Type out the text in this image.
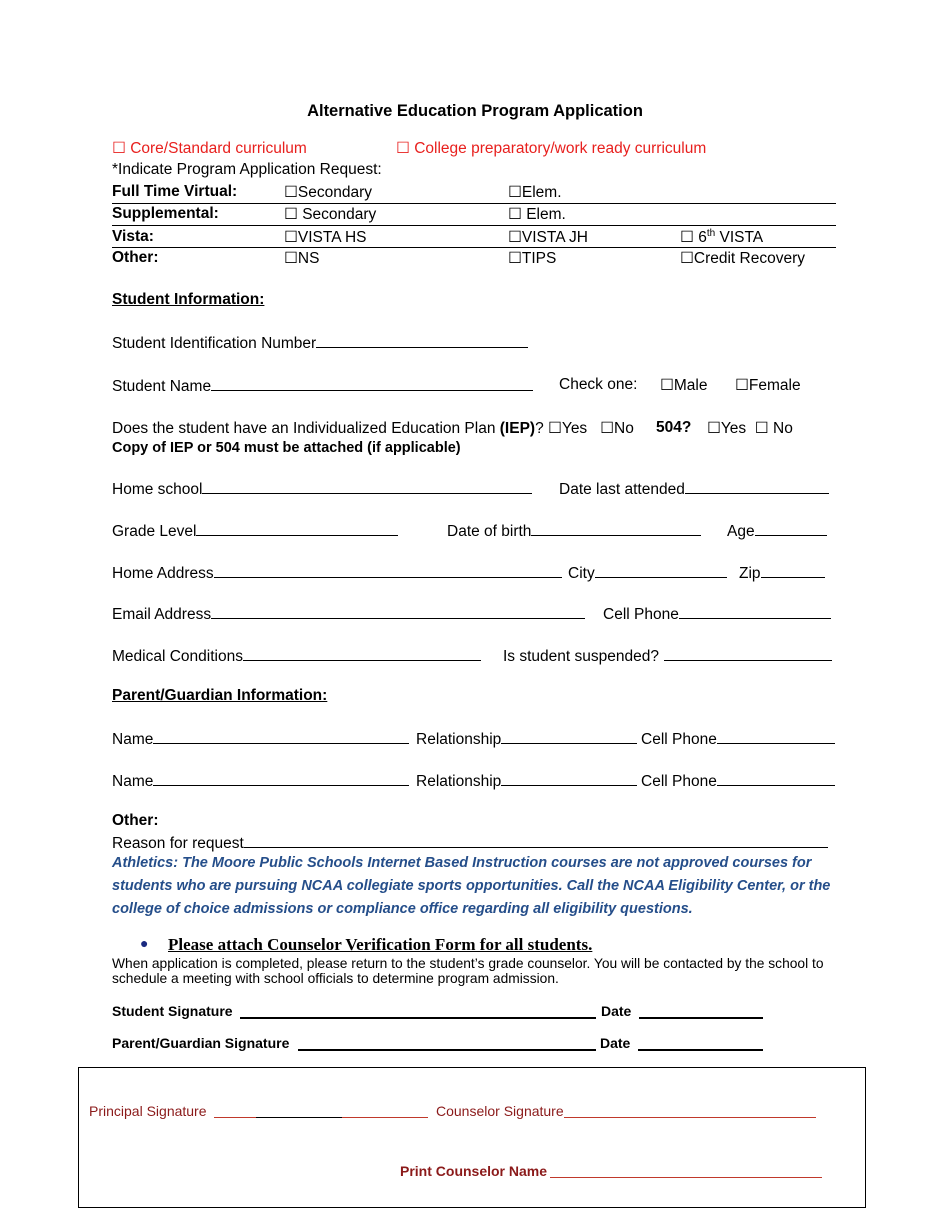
Alternative Education Program Application
☐ Core/Standard curriculum	☐ College preparatory/work ready curriculum
*Indicate Program Application Request:
Full Time Virtual:	☐Secondary	☐Elem.
Supplemental:	☐ Secondary	☐ Elem.
Vista:	☐VISTA HS	☐VISTA JH	☐ 6th VISTA
Other:	☐NS	☐TIPS	☐Credit Recovery
Student Information:
Student Identification Number
Student Name	Check one: ☐Male ☐Female
Does the student have an Individualized Education Plan (IEP)? ☐Yes   ☐No 504? ☐Yes  ☐ No
Copy of IEP or 504 must be attached (if applicable)
Home school	Date last attended
Grade Level	Date of birth	Age
Home Address	City	Zip
Email Address	Cell Phone
Medical Conditions	Is student suspended?
Parent/Guardian Information:
Name	Relationship	Cell Phone
Name	Relationship	Cell Phone
Other:
Reason for request
Athletics: The Moore Public Schools Internet Based Instruction courses are not approved courses for students who are pursuing NCAA collegiate sports opportunities. Call the NCAA Eligibility Center, or the college of choice admissions or compliance office regarding all eligibility questions.
● Please attach Counselor Verification Form for all students.
When application is completed, please return to the student’s grade counselor. You will be contacted by the school to schedule a meeting with school officials to determine program admission.
Student Signature	Date
Parent/Guardian Signature	Date
Principal Signature	Counselor Signature
Print Counselor Name
